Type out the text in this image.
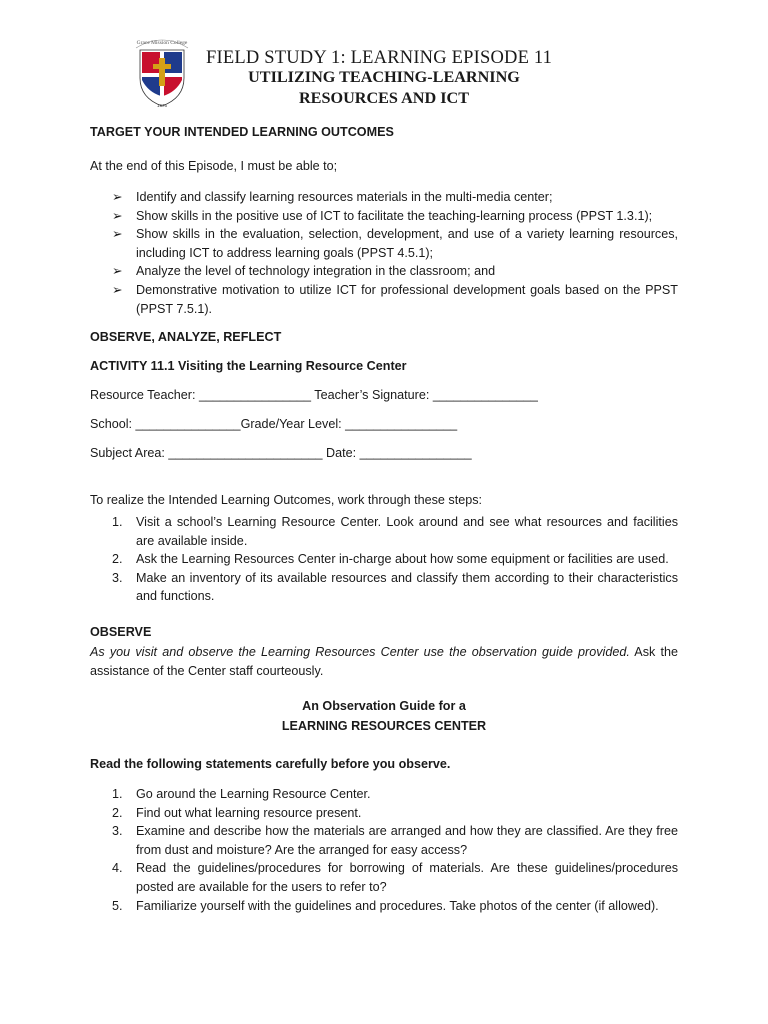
Grace Mission College
1976
FIELD STUDY 1: LEARNING EPISODE 11
UTILIZING TEACHING-LEARNING
RESOURCES AND ICT
TARGET YOUR INTENDED LEARNING OUTCOMES
At the end of this Episode, I must be able to;
➢	Identify and classify learning resources materials in the multi-media center;
➢	Show skills in the positive use of ICT to facilitate the teaching-learning process (PPST 1.3.1);
➢	Show skills in the evaluation, selection, development, and use of a variety learning resources, including ICT to address learning goals (PPST 4.5.1);
➢	Analyze the level of technology integration in the classroom; and
➢	Demonstrative motivation to utilize ICT for professional development goals based on the PPST (PPST 7.5.1).
OBSERVE, ANALYZE, REFLECT
ACTIVITY 11.1 Visiting the Learning Resource Center
Resource Teacher: ________________ Teacher’s Signature: _______________
School: _______________Grade/Year Level: ________________
Subject Area: ______________________ Date: ________________
To realize the Intended Learning Outcomes, work through these steps:
1.	Visit a school’s Learning Resource Center. Look around and see what resources and facilities are available inside.
2.	Ask the Learning Resources Center in-charge about how some equipment or facilities are used.
3.	Make an inventory of its available resources and classify them according to their characteristics and functions.
OBSERVE
As you visit and observe the Learning Resources Center use the observation guide provided. Ask the assistance of the Center staff courteously.
An Observation Guide for a
LEARNING RESOURCES CENTER
Read the following statements carefully before you observe.
1.	Go around the Learning Resource Center.
2.	Find out what learning resource present.
3.	Examine and describe how the materials are arranged and how they are classified. Are they free from dust and moisture? Are the arranged for easy access?
4.	Read the guidelines/procedures for borrowing of materials. Are these guidelines/procedures posted are available for the users to refer to?
5.	Familiarize yourself with the guidelines and procedures. Take photos of the center (if allowed).
